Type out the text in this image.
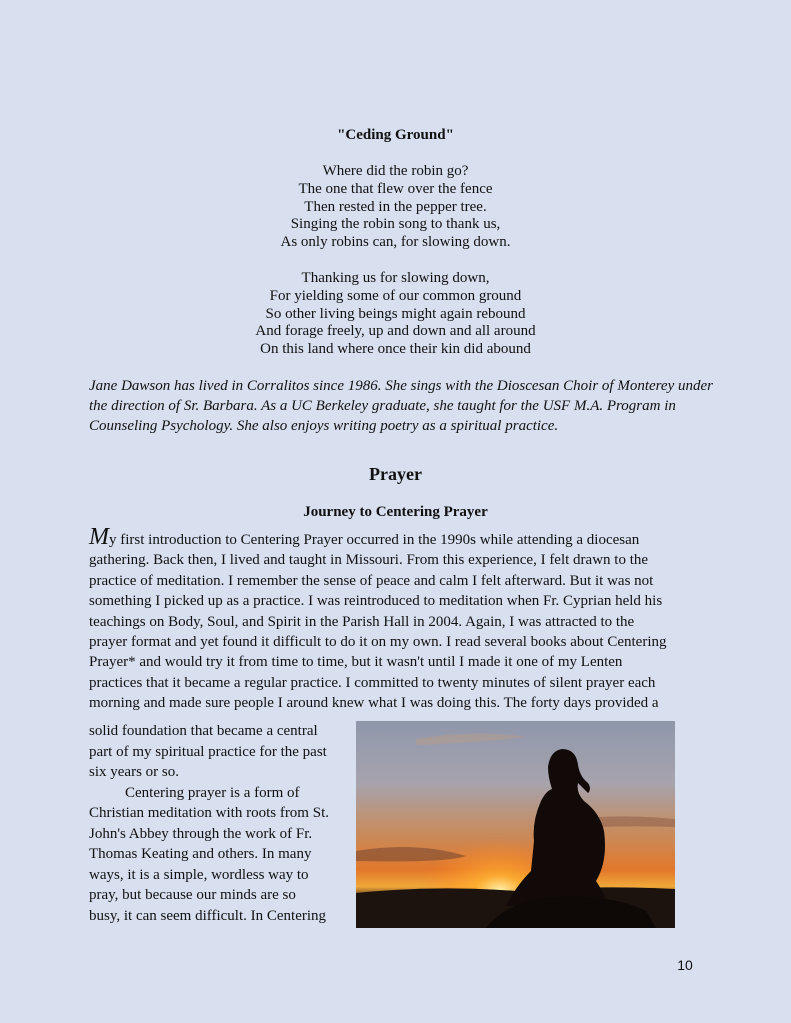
"Ceding Ground"
Where did the robin go?
The one that flew over the fence
Then rested in the pepper tree.
Singing the robin song to thank us,
As only robins can, for slowing down.
Thanking us for slowing down,
For yielding some of our common ground
So other living beings might again rebound
And forage freely, up and down and all around
On this land where once their kin did abound
Jane Dawson has lived in Corralitos since 1986. She sings with the Dioscesan Choir of Monterey under the direction of Sr. Barbara. As a UC Berkeley graduate, she taught for the USF M.A. Program in Counseling Psychology. She also enjoys writing poetry as a spiritual practice.
Prayer
Journey to Centering Prayer
My first introduction to Centering Prayer occurred in the 1990s while attending a diocesan
gathering. Back then, I lived and taught in Missouri. From this experience, I felt drawn to the
practice of meditation. I remember the sense of peace and calm I felt afterward. But it was not
something I picked up as a practice. I was reintroduced to meditation when Fr. Cyprian held his
teachings on Body, Soul, and Spirit in the Parish Hall in 2004. Again, I was attracted to the
prayer format and yet found it difficult to do it on my own. I read several books about Centering
Prayer* and would try it from time to time, but it wasn't until I made it one of my Lenten
practices that it became a regular practice. I committed to twenty minutes of silent prayer each
morning and made sure people I around knew what I was doing this. The forty days provided a
solid foundation that became a central
part of my spiritual practice for the past
six years or so.
Centering prayer is a form of
Christian meditation with roots from St.
John's Abbey through the work of Fr.
Thomas Keating and others. In many
ways, it is a simple, wordless way to
pray, but because our minds are so
busy, it can seem difficult. In Centering
10
